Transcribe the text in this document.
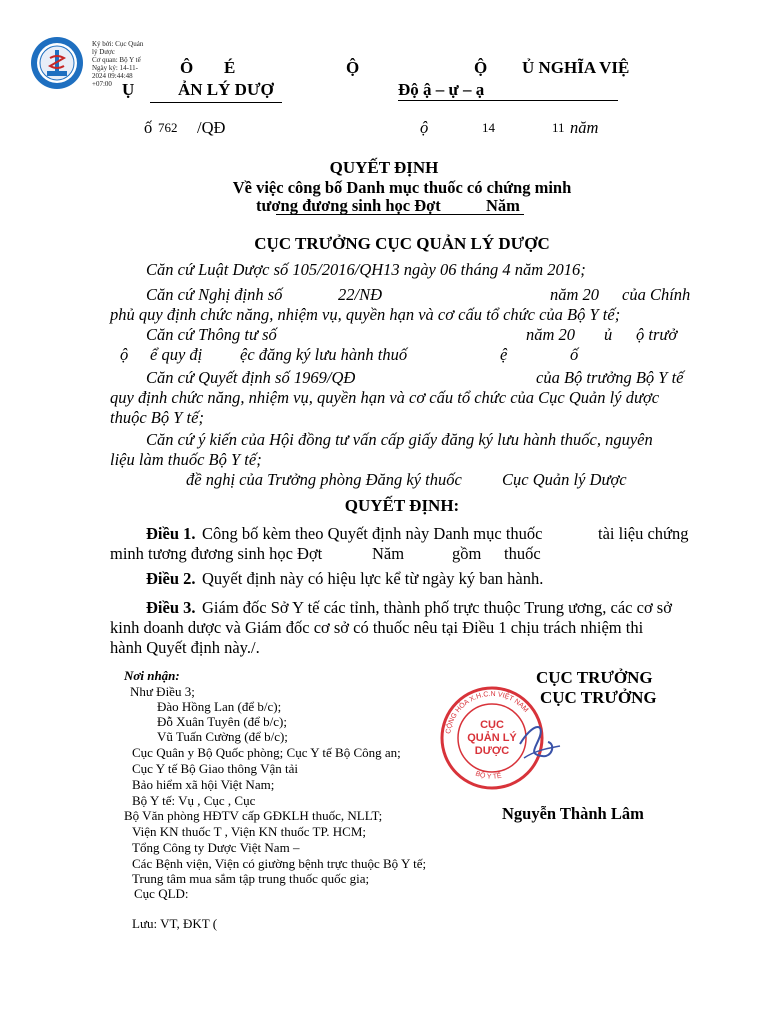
Ký bởi: Cục Quản
lý Dược
Cơ quan: Bộ Y tế
Ngày ký: 14-11-
2024 09:44:48
+07:00
Ô É
Ụ	ẢN LÝ DƯỢ
Ộ	Ộ Ủ NGHĨA VIỆ
Độ ậ – ự – ạ
ố 762 /QĐ	ộ	14	11 năm
QUYẾT ĐỊNH
Về việc công bố Danh mục thuốc có chứng minh
tương đương sinh học Đợt	Năm
CỤC TRƯỞNG CỤC QUẢN LÝ DƯỢC
Căn cứ Luật Dược số 105/2016/QH13 ngày 06 tháng 4 năm 2016;
Căn cứ Nghị định số	22/NĐ	năm 20 của Chính
phủ quy định chức năng, nhiệm vụ, quyền hạn và cơ cấu tổ chức của Bộ Y tế;
Căn cứ Thông tư số	năm 20 ủ ộ trưở
ộ ể quy đị ệc đăng ký lưu hành thuố	ệ	ố
Căn cứ Quyết định số 1969/QĐ	của Bộ trưởng Bộ Y tế
quy định chức năng, nhiệm vụ, quyền hạn và cơ cấu tổ chức của Cục Quản lý dược
thuộc Bộ Y tế;
Căn cứ ý kiến của Hội đồng tư vấn cấp giấy đăng ký lưu hành thuốc, nguyên
liệu làm thuốc Bộ Y tế;
đề nghị của Trưởng phòng Đăng ký thuốc Cục Quản lý Dược
QUYẾT ĐỊNH:
Điều 1. Công bố kèm theo Quyết định này Danh mục thuốc	tài liệu chứng
minh tương đương sinh học Đợt	Năm	gồm thuốc
Điều 2. Quyết định này có hiệu lực kể từ ngày ký ban hành.
Điều 3. Giám đốc Sở Y tế các tỉnh, thành phố trực thuộc Trung ương, các cơ sở
kinh doanh dược và Giám đốc cơ sở có thuốc nêu tại Điều 1 chịu trách nhiệm thi
hành Quyết định này./.
Nơi nhận:
Như Điều 3;
Đào Hồng Lan (để b/c);
Đỗ Xuân Tuyên (để b/c);
Vũ Tuấn Cường (để b/c);
Cục Quân y Bộ Quốc phòng; Cục Y tế Bộ Công an;
Cục Y tế Bộ Giao thông Vận tải
Bảo hiểm xã hội Việt Nam;
Bộ Y tế: Vụ , Cục , Cục
Bộ Văn phòng HĐTV cấp GĐKLH thuốc, NLLT;
Viện KN thuốc T , Viện KN thuốc TP. HCM;
Tổng Công ty Dược Việt Nam –
Các Bệnh viện, Viện có giường bệnh trực thuộc Bộ Y tế;
Trung tâm mua sắm tập trung thuốc quốc gia;
Cục QLD:
Lưu: VT, ĐKT (
CỤC TRƯỞNG
CỤC TRƯỞNG
CỤC
QUẢN LÝ
DƯỢC
CỘNG HÒA X.H.C.N VIỆT NAM
BỘ Y TẾ
Nguyễn Thành Lâm
